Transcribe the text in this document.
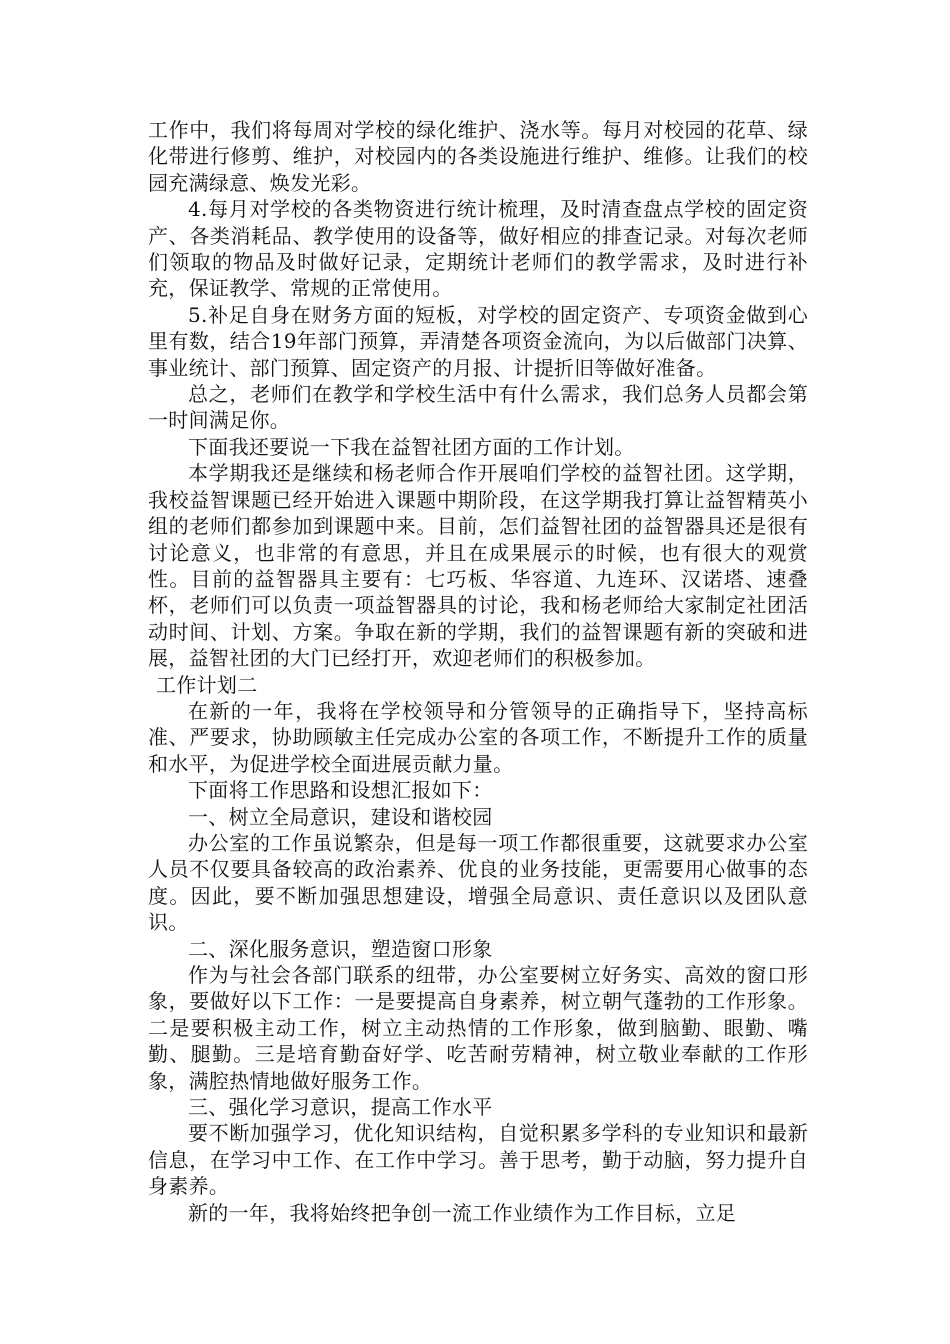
工作中，我们将每周对学校的绿化维护、浇水等。每月对校园的花草、绿化带进行修剪、维护，对校园内的各类设施进行维护、维修。让我们的校园充满绿意、焕发光彩。

4.每月对学校的各类物资进行统计梳理，及时清查盘点学校的固定资产、各类消耗品、教学使用的设备等，做好相应的排查记录。对每次老师们领取的物品及时做好记录，定期统计老师们的教学需求，及时进行补充，保证教学、常规的正常使用。

5.补足自身在财务方面的短板，对学校的固定资产、专项资金做到心里有数，结合19年部门预算，弄清楚各项资金流向，为以后做部门决算、事业统计、部门预算、固定资产的月报、计提折旧等做好准备。

总之，老师们在教学和学校生活中有什么需求，我们总务人员都会第一时间满足你。

下面我还要说一下我在益智社团方面的工作计划。

本学期我还是继续和杨老师合作开展咱们学校的益智社团。这学期，我校益智课题已经开始进入课题中期阶段，在这学期我打算让益智精英小组的老师们都参加到课题中来。目前，怎们益智社团的益智器具还是很有讨论意义，也非常的有意思，并且在成果展示的时候，也有很大的观赏性。目前的益智器具主要有：七巧板、华容道、九连环、汉诺塔、速叠杯，老师们可以负责一项益智器具的讨论，我和杨老师给大家制定社团活动时间、计划、方案。争取在新的学期，我们的益智课题有新的突破和进展，益智社团的大门已经打开，欢迎老师们的积极参加。

工作计划二

在新的一年，我将在学校领导和分管领导的正确指导下，坚持高标准、严要求，协助顾敏主任完成办公室的各项工作，不断提升工作的质量和水平，为促进学校全面进展贡献力量。

下面将工作思路和设想汇报如下：

一、树立全局意识，建设和谐校园

办公室的工作虽说繁杂，但是每一项工作都很重要，这就要求办公室人员不仅要具备较高的政治素养、优良的业务技能，更需要用心做事的态度。因此，要不断加强思想建设，增强全局意识、责任意识以及团队意识。

二、深化服务意识，塑造窗口形象

作为与社会各部门联系的纽带，办公室要树立好务实、高效的窗口形象，要做好以下工作：一是要提高自身素养，树立朝气蓬勃的工作形象。二是要积极主动工作，树立主动热情的工作形象，做到脑勤、眼勤、嘴勤、腿勤。三是培育勤奋好学、吃苦耐劳精神，树立敬业奉献的工作形象，满腔热情地做好服务工作。

三、强化学习意识，提高工作水平

要不断加强学习，优化知识结构，自觉积累多学科的专业知识和最新信息，在学习中工作、在工作中学习。善于思考，勤于动脑，努力提升自身素养。

新的一年，我将始终把争创一流工作业绩作为工作目标，立足
